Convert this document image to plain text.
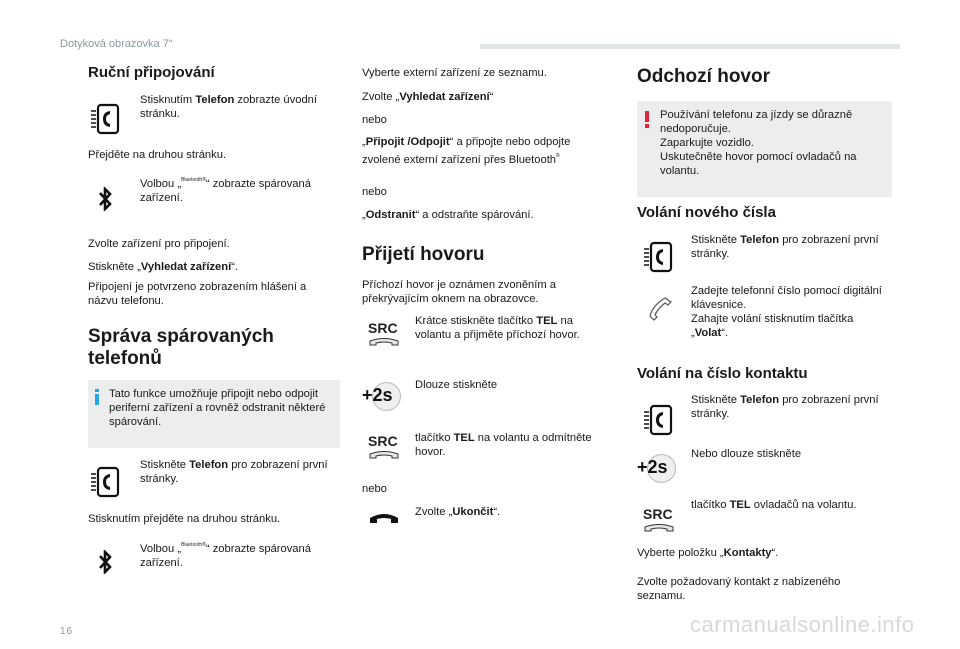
Dotyková obrazovka 7“
16	carmanualsonline.info
Ruční připojování
Stisknutím Telefon zobrazte úvodní stránku.
Přejděte na druhou stránku.
Volbou „$^{Bluetooth®}$“ zobrazte spárovaná zařízení.
Zvolte zařízení pro připojení.
Stiskněte „Vyhledat zařízení“.
Připojení je potvrzeno zobrazením hlášení a názvu telefonu.
Správa spárovaných telefonů
Tato funkce umožňuje připojit nebo odpojit periferní zařízení a rovněž odstranit některé spárování.
Stiskněte Telefon pro zobrazení první stránky.
Stisknutím přejděte na druhou stránku.
Volbou „$^{Bluetooth®}$“ zobrazte spárovaná zařízení.
Vyberte externí zařízení ze seznamu.
Zvolte „Vyhledat zařízení“
nebo
„Připojit /Odpojit“ a připojte nebo odpojte zvolené externí zařízení přes Bluetooth®
nebo
„Odstranit“ a odstraňte spárování.
Přijetí hovoru
Příchozí hovor je oznámen zvoněním a překrývajícím oknem na obrazovce.
Krátce stiskněte tlačítko TEL na volantu a přijměte příchozí hovor.
Dlouze stiskněte
tlačítko TEL na volantu a odmítněte hovor.
nebo
Zvolte „Ukončit“.
Odchozí hovor
Používání telefonu za jízdy se důrazně nedoporučuje.
Zaparkujte vozidlo.
Uskutečněte hovor pomocí ovladačů na volantu.
Volání nového čísla
Stiskněte Telefon pro zobrazení první stránky.
Zadejte telefonní číslo pomocí digitální klávesnice.
Zahajte volání stisknutím tlačítka „Volat“.
Volání na číslo kontaktu
Stiskněte Telefon pro zobrazení první stránky.
Nebo dlouze stiskněte
tlačítko TEL ovladačů na volantu.
Vyberte položku „Kontakty“.
Zvolte požadovaný kontakt z nabízeného seznamu.
SRC
+2s
SRC
+2s
SRC
